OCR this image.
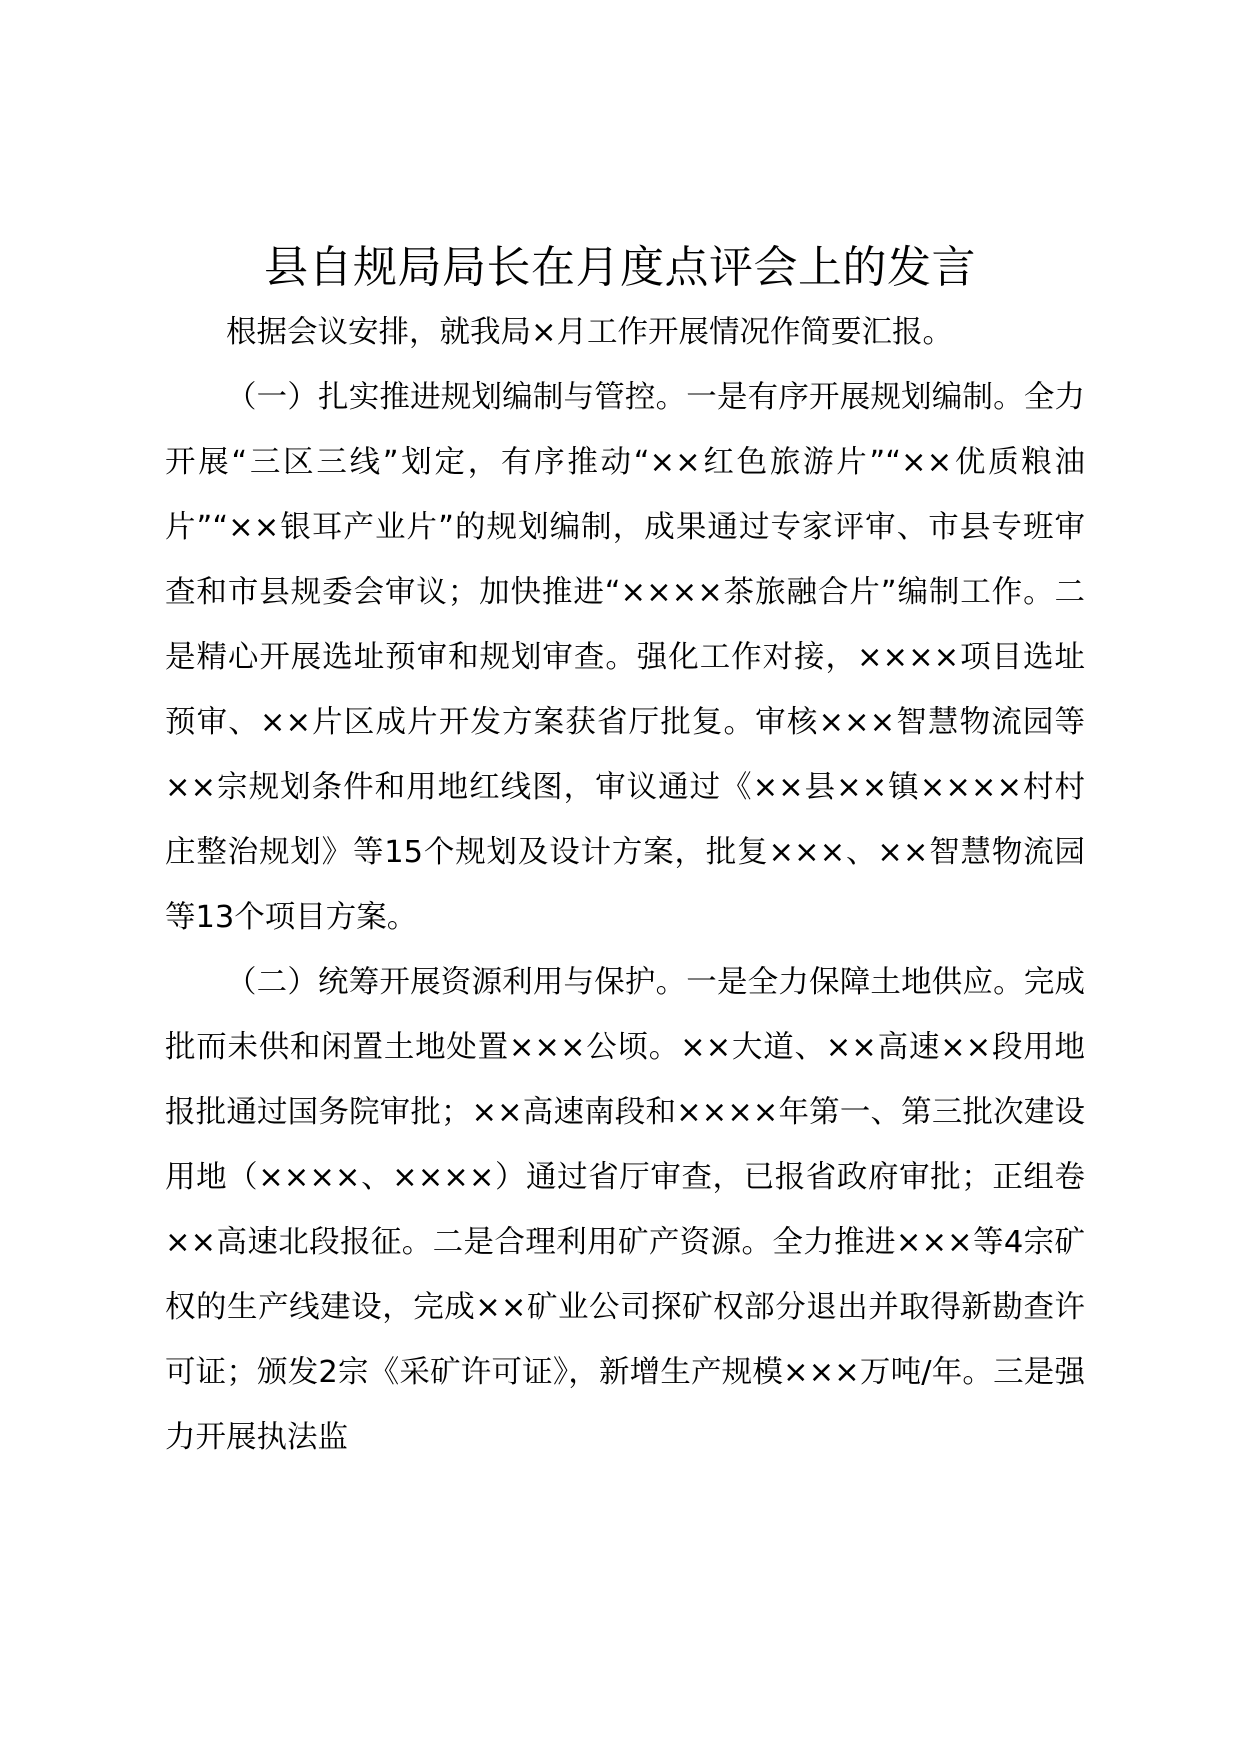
县自规局局长在月度点评会上的发言

根据会议安排，就我局×月工作开展情况作简要汇报。

（一）扎实推进规划编制与管控。一是有序开展规划编制。全力开展“三区三线”划定，有序推动“××红色旅游片”“××优质粮油片”“××银耳产业片”的规划编制，成果通过专家评审、市县专班审查和市县规委会审议；加快推进“××××茶旅融合片”编制工作。二是精心开展选址预审和规划审查。强化工作对接，××××项目选址预审、××片区成片开发方案获省厅批复。审核×××智慧物流园等××宗规划条件和用地红线图，审议通过《××县××镇××××村村庄整治规划》等15个规划及设计方案，批复×××、××智慧物流园等13个项目方案。

（二）统筹开展资源利用与保护。一是全力保障土地供应。完成批而未供和闲置土地处置×××公顷。××大道、××高速××段用地报批通过国务院审批；××高速南段和××××年第一、第三批次建设用地（××××、××××）通过省厅审查，已报省政府审批；正组卷××高速北段报征。二是合理利用矿产资源。全力推进×××等4宗矿权的生产线建设，完成××矿业公司探矿权部分退出并取得新勘查许可证；颁发2宗《采矿许可证》，新增生产规模×××万吨/年。三是强力开展执法监
